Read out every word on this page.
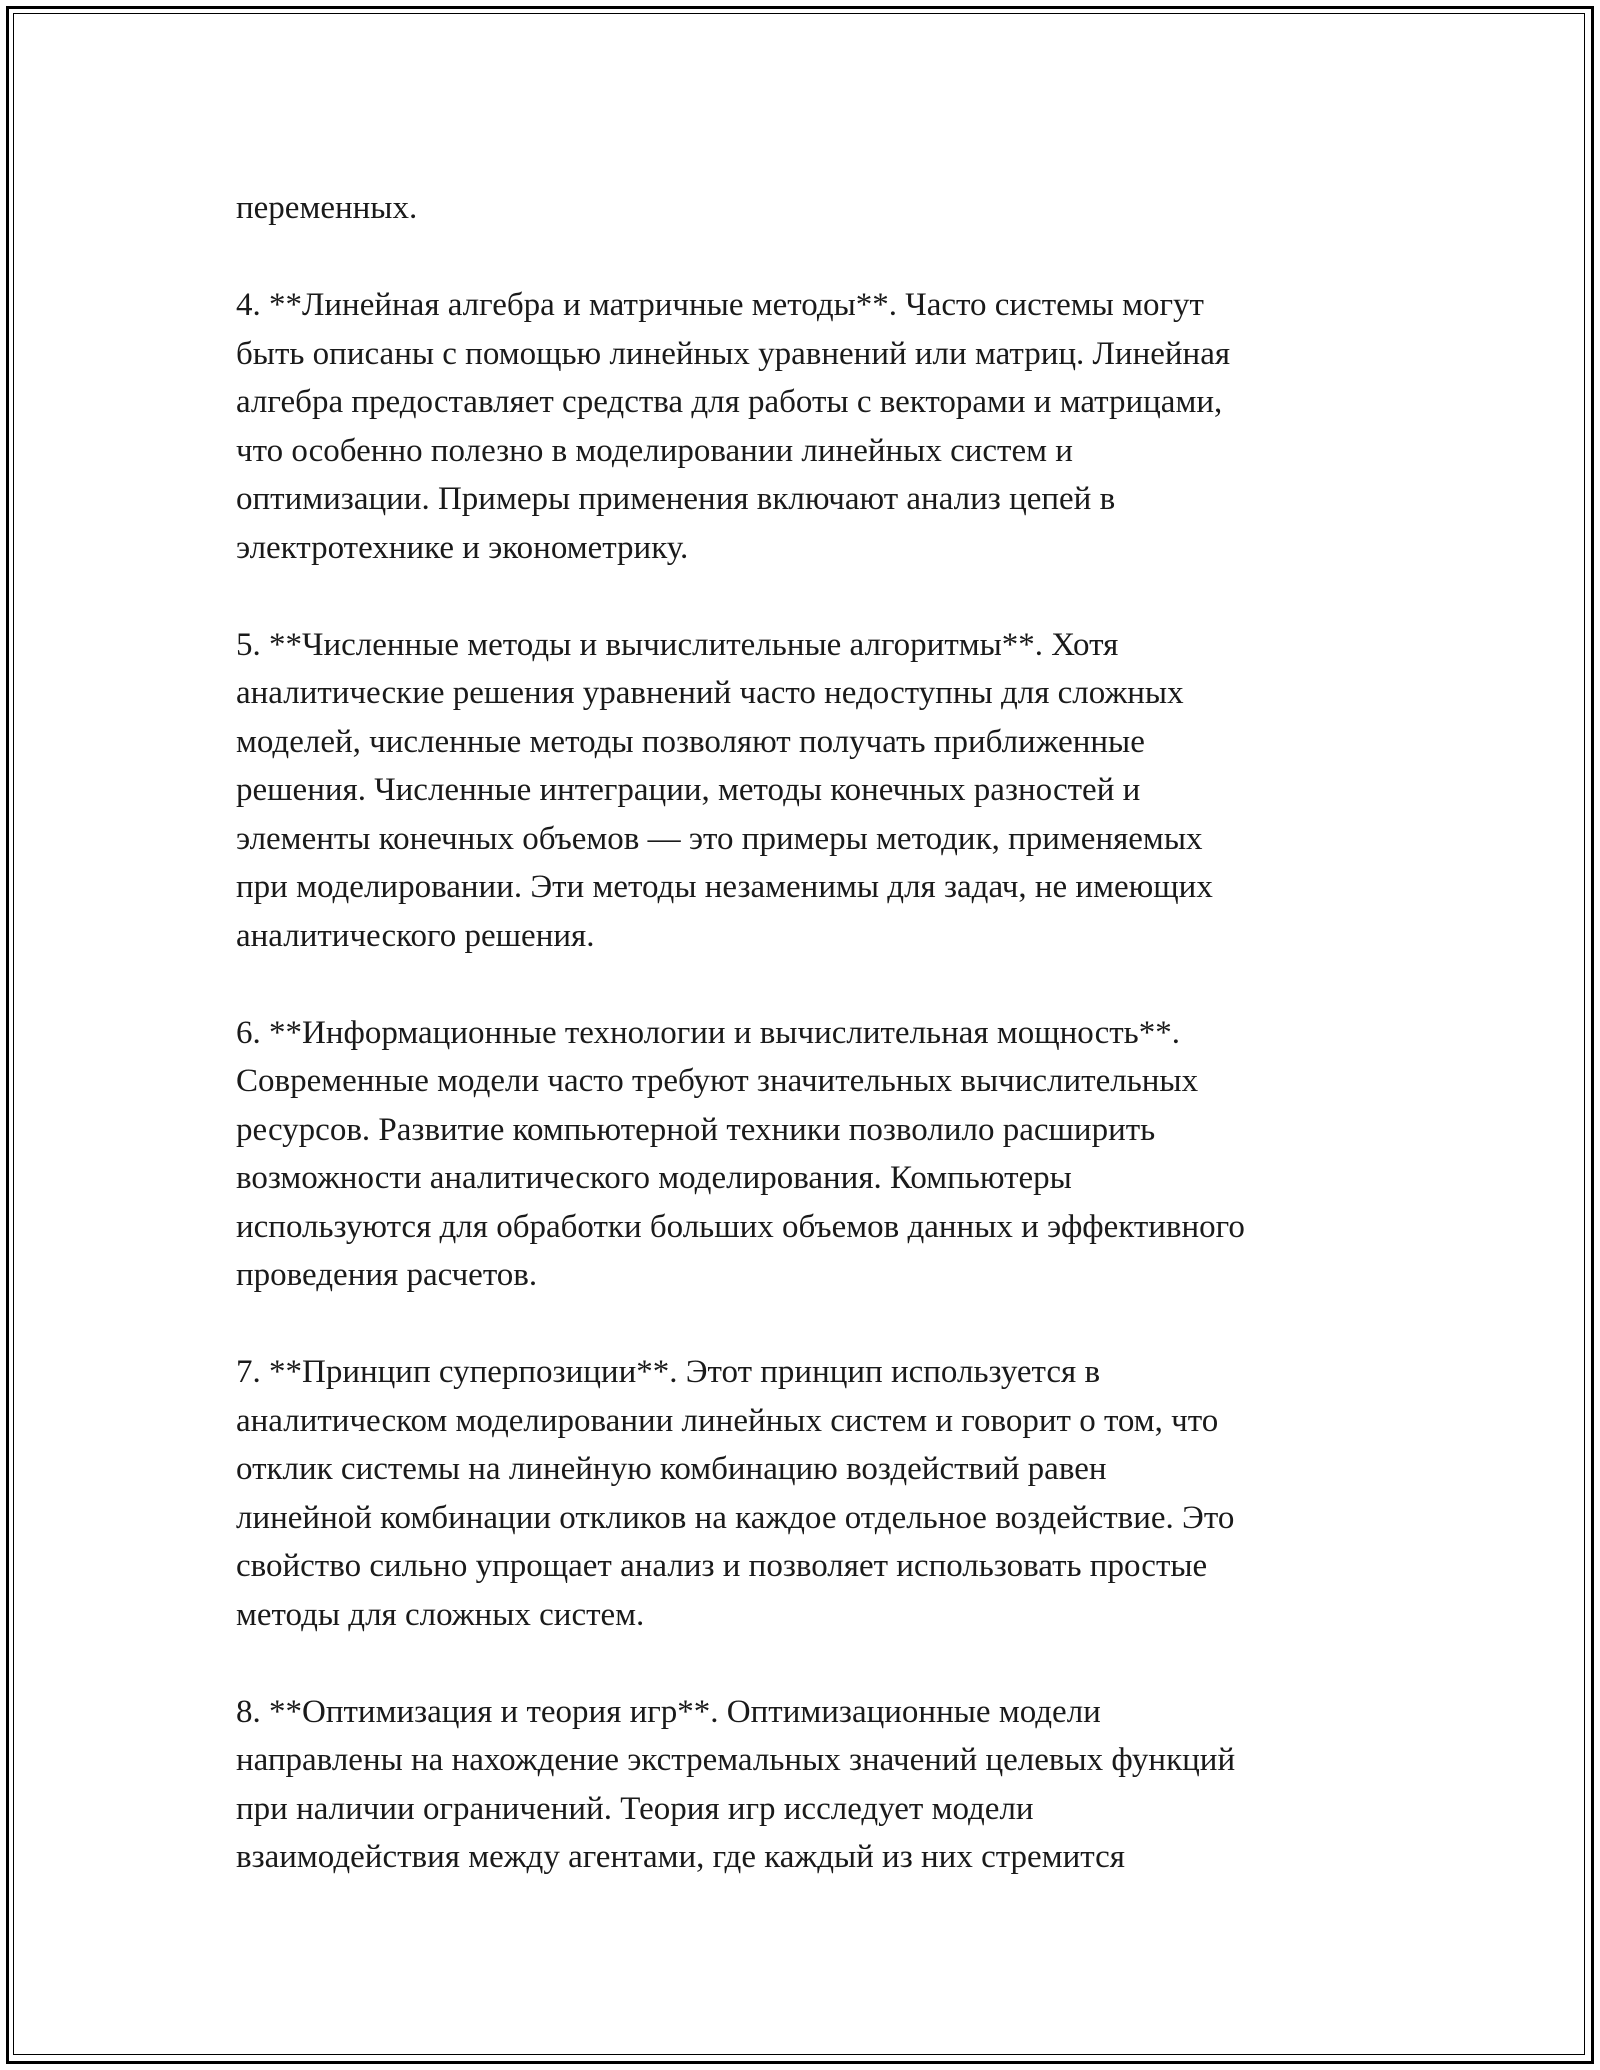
переменных.

4. **Линейная алгебра и матричные методы**. Часто системы могут
быть описаны с помощью линейных уравнений или матриц. Линейная
алгебра предоставляет средства для работы с векторами и матрицами,
что особенно полезно в моделировании линейных систем и
оптимизации. Примеры применения включают анализ цепей в
электротехнике и эконометрику.

5. **Численные методы и вычислительные алгоритмы**. Хотя
аналитические решения уравнений часто недоступны для сложных
моделей, численные методы позволяют получать приближенные
решения. Численные интеграции, методы конечных разностей и
элементы конечных объемов — это примеры методик, применяемых
при моделировании. Эти методы незаменимы для задач, не имеющих
аналитического решения.

6. **Информационные технологии и вычислительная мощность**.
Современные модели часто требуют значительных вычислительных
ресурсов. Развитие компьютерной техники позволило расширить
возможности аналитического моделирования. Компьютеры
используются для обработки больших объемов данных и эффективного
проведения расчетов.

7. **Принцип суперпозиции**. Этот принцип используется в
аналитическом моделировании линейных систем и говорит о том, что
отклик системы на линейную комбинацию воздействий равен
линейной комбинации откликов на каждое отдельное воздействие. Это
свойство сильно упрощает анализ и позволяет использовать простые
методы для сложных систем.

8. **Оптимизация и теория игр**. Оптимизационные модели
направлены на нахождение экстремальных значений целевых функций
при наличии ограничений. Теория игр исследует модели
взаимодействия между агентами, где каждый из них стремится
